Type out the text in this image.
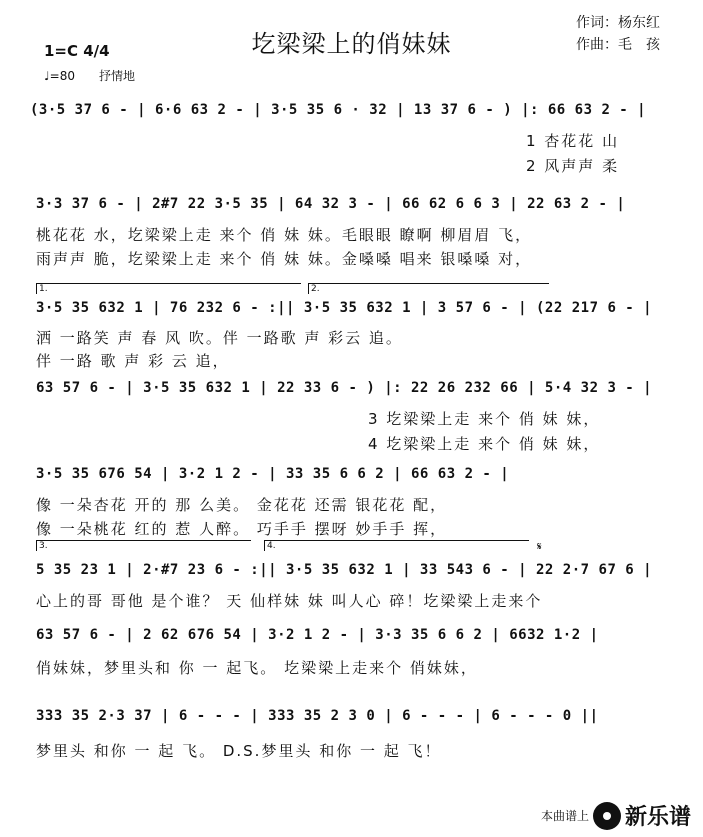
圪梁梁上的俏妹妹
作词：杨东红
作曲：毛　孩
1=C 4/4
♩=80　　抒情地
(3·5 37 6 - | 6·6 63 2 - | 3·5 35 6 · 32 | 13 37 6 - ) |: 66 63 2 - |
1 杏花花 山
2 风声声 柔
3·3 37 6 - | 2#7 22 3·5 35 | 64 32 3 - | 66 62 6 6 3 | 22 63 2 - |
桃花花 水，圪梁梁上走 来个 俏 妹 妹。毛眼眼 瞭啊 柳眉眉 飞，
雨声声 脆，圪梁梁上走 来个 俏 妹 妹。金嗓嗓 唱来 银嗓嗓 对，
1.	2.
3·5 35 632 1 | 76 232 6 - :|| 3·5 35 632 1 | 3 57 6 - | (22 217 6 - |
洒 一路笑 声 春 风 吹。伴 一路歌 声 彩云 追。
伴 一路 歌 声 彩 云 追，
63 57 6 - | 3·5 35 632 1 | 22 33 6 - ) |: 22 26 232 66 | 5·4 32 3 - |
3 圪梁梁上走 来个 俏 妹 妹，
4 圪梁梁上走 来个 俏 妹 妹，
3·5 35 676 54 | 3·2 1 2 - | 33 35 6 6 2 | 66 63 2 - |
像 一朵杏花 开的 那 么美。 金花花 还需 银花花 配，
像 一朵桃花 红的 惹 人醉。 巧手手 摆呀 妙手手 挥，
3.	4.	𝄋
5 35 23 1 | 2·#7 23 6 - :|| 3·5 35 632 1 | 33 543 6 - | 22 2·7 67 6 |
心上的哥 哥他 是个谁？ 天 仙样妹 妹 叫人心 碎！圪梁梁上走来个
63 57 6 - | 2 62 676 54 | 3·2 1 2 - | 3·3 35 6 6 2 | 6632 1·2 |
俏妹妹，梦里头和 你 一 起飞。 圪梁梁上走来个 俏妹妹，
333 35 2·3 37 | 6 - - - | 333 35 2 3 0 | 6 - - - | 6 - - - 0 ||
梦里头 和你 一 起 飞。 D.S.梦里头 和你 一 起 飞！
本曲谱上 新乐谱
